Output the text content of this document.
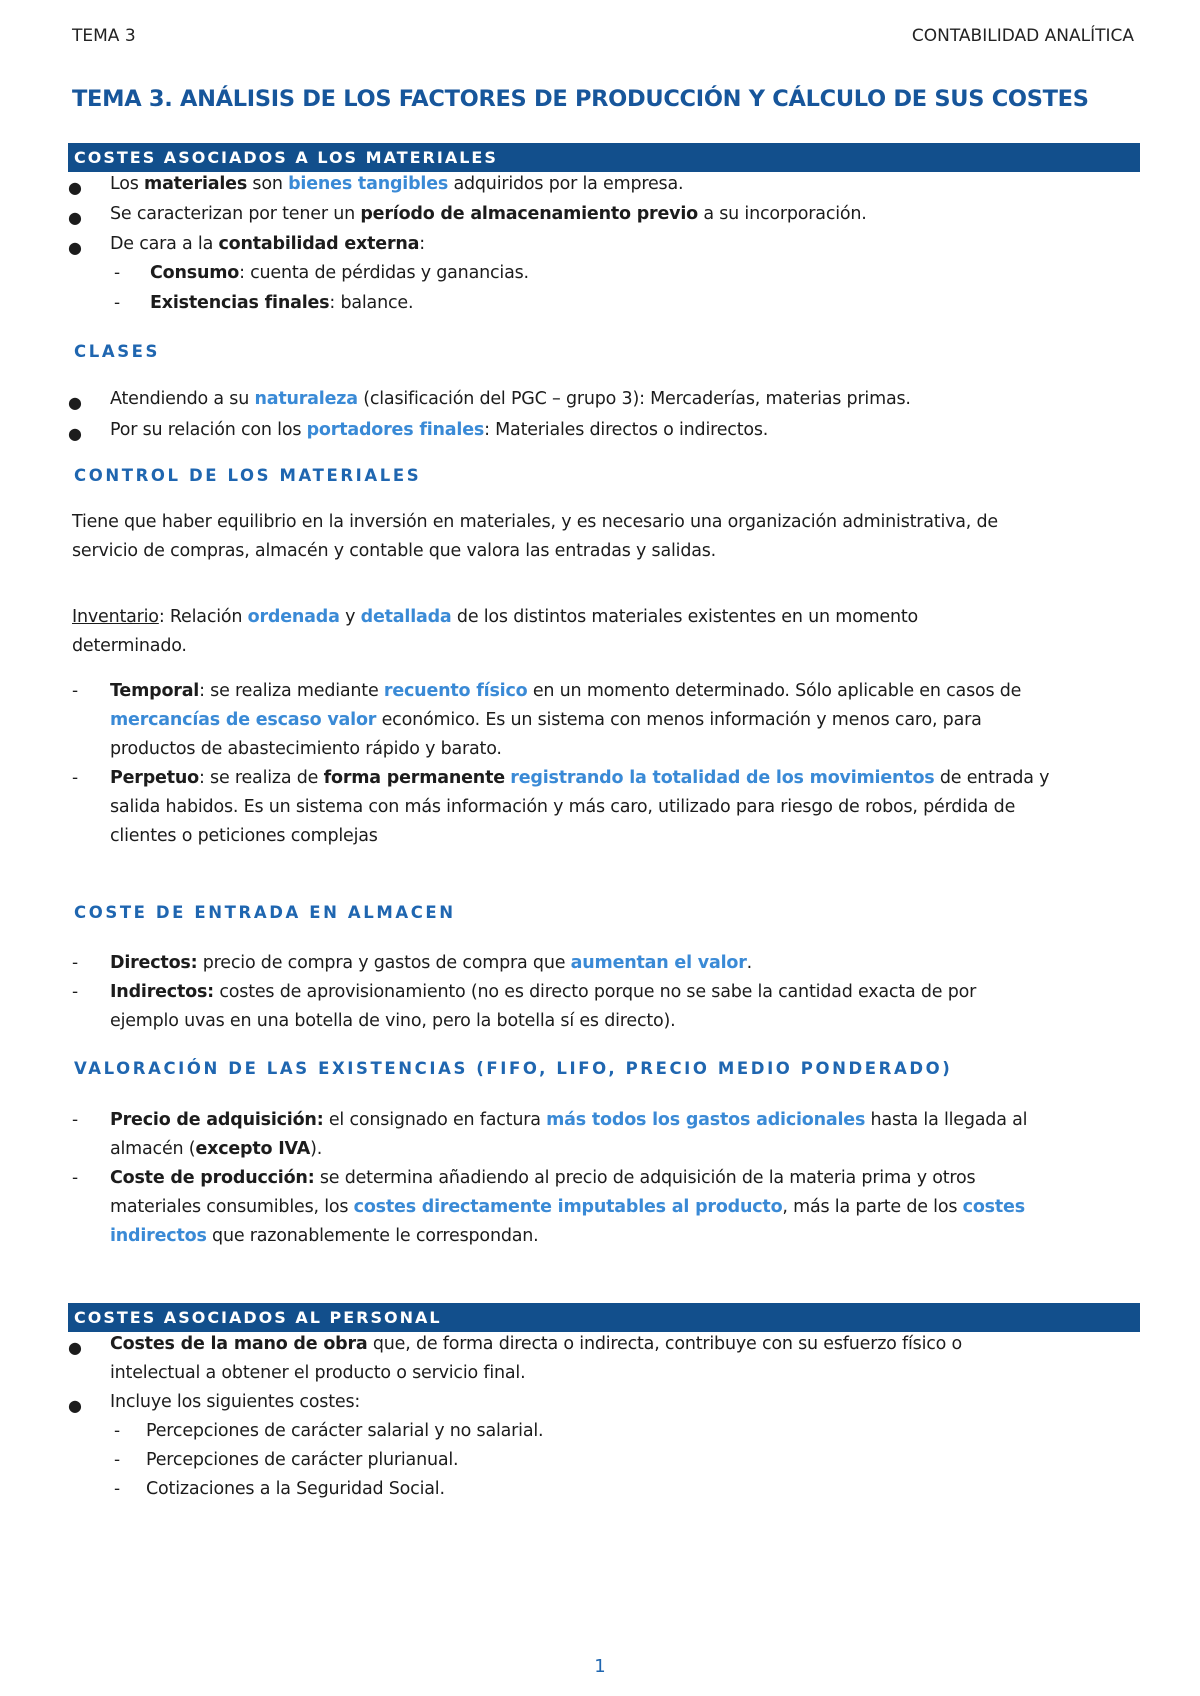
TEMA 3	CONTABILIDAD ANALÍTICA
TEMA 3. ANÁLISIS DE LOS FACTORES DE PRODUCCIÓN Y CÁLCULO DE SUS COSTES
COSTES ASOCIADOS A LOS MATERIALES
● Los materiales son bienes tangibles adquiridos por la empresa.
● Se caracterizan por tener un período de almacenamiento previo a su incorporación.
● De cara a la contabilidad externa:
- Consumo: cuenta de pérdidas y ganancias.
- Existencias finales: balance.
CLASES
● Atendiendo a su naturaleza (clasificación del PGC – grupo 3): Mercaderías, materias primas.
● Por su relación con los portadores finales: Materiales directos o indirectos.
CONTROL DE LOS MATERIALES
Tiene que haber equilibrio en la inversión en materiales, y es necesario una organización administrativa, de
servicio de compras, almacén y contable que valora las entradas y salidas.
Inventario: Relación ordenada y detallada de los distintos materiales existentes en un momento
determinado.
- Temporal: se realiza mediante recuento físico en un momento determinado. Sólo aplicable en casos de
mercancías de escaso valor económico. Es un sistema con menos información y menos caro, para
productos de abastecimiento rápido y barato.
- Perpetuo: se realiza de forma permanente registrando la totalidad de los movimientos de entrada y
salida habidos. Es un sistema con más información y más caro, utilizado para riesgo de robos, pérdida de
clientes o peticiones complejas
COSTE DE ENTRADA EN ALMACEN
- Directos: precio de compra y gastos de compra que aumentan el valor.
- Indirectos: costes de aprovisionamiento (no es directo porque no se sabe la cantidad exacta de por
ejemplo uvas en una botella de vino, pero la botella sí es directo).
VALORACIÓN DE LAS EXISTENCIAS (FIFO, LIFO, PRECIO MEDIO PONDERADO)
- Precio de adquisición: el consignado en factura más todos los gastos adicionales hasta la llegada al
almacén (excepto IVA).
- Coste de producción: se determina añadiendo al precio de adquisición de la materia prima y otros
materiales consumibles, los costes directamente imputables al producto, más la parte de los costes
indirectos que razonablemente le correspondan.
COSTES ASOCIADOS AL PERSONAL
● Costes de la mano de obra que, de forma directa o indirecta, contribuye con su esfuerzo físico o
intelectual a obtener el producto o servicio final.
● Incluye los siguientes costes:
- Percepciones de carácter salarial y no salarial.
- Percepciones de carácter plurianual.
- Cotizaciones a la Seguridad Social.
1
